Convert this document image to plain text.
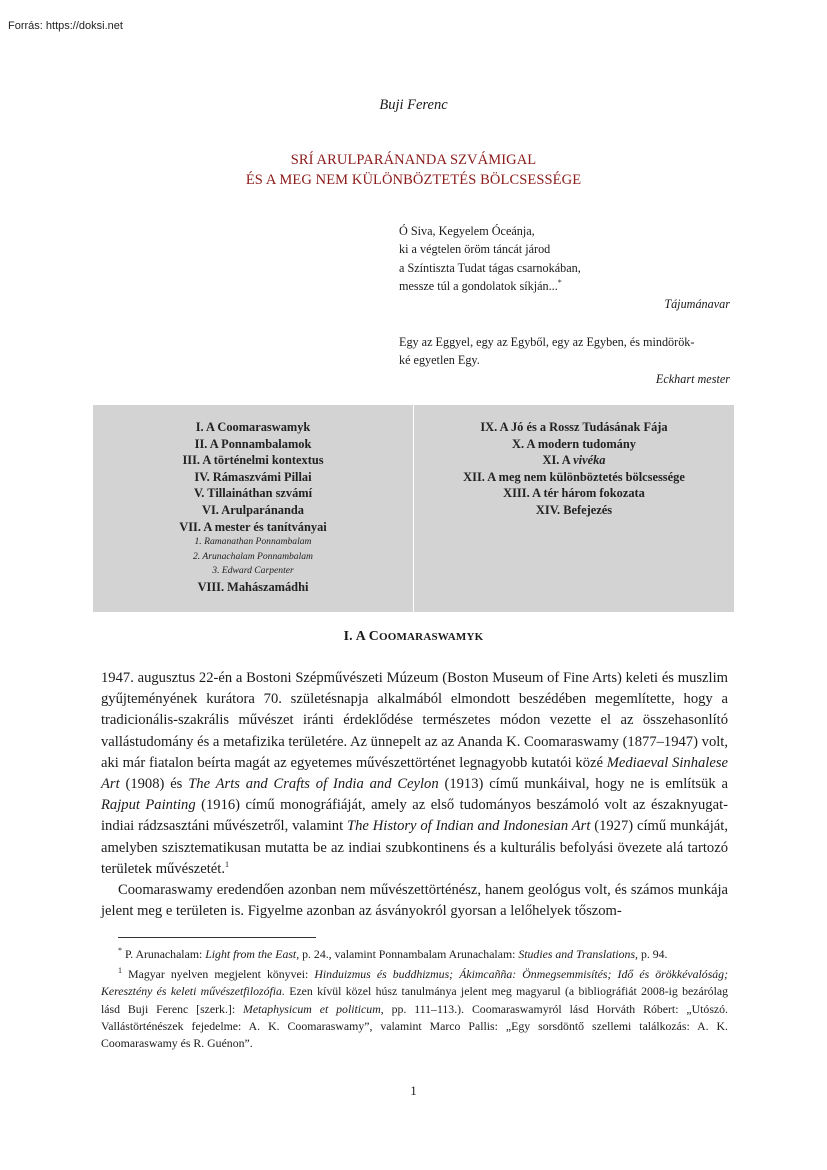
Forrás: https://doksi.net
Buji Ferenc
SRÍ ARULPARÁNANDA SZVÁMIGAL
ÉS A MEG NEM KÜLÖNBÖZTETÉS BÖLCSESSÉGE
Ó Siva, Kegyelem Óceánja,
ki a végtelen öröm táncát járod
a Színtiszta Tudat tágas csarnokában,
messze túl a gondolatok síkján...*
Tájumánavar
Egy az Eggyel, egy az Egyből, egy az Egyben, és mindörök-
ké egyetlen Egy.
Eckhart mester
I. A Coomaraswamyk
II. A Ponnambalamok
III. A történelmi kontextus
IV. Rámaszvámi Pillai
V. Tillaináthan szvámí
VI. Arulparánanda
VII. A mester és tanítványai
1. Ramanathan Ponnambalam
2. Arunachalam Ponnambalam
3. Edward Carpenter
VIII. Mahászamádhi
IX. A Jó és a Rossz Tudásának Fája
X. A modern tudomány
XI. A vivéka
XII. A meg nem különböztetés bölcsessége
XIII. A tér három fokozata
XIV. Befejezés
I. A COOMARASWAMYK

1947. augusztus 22-én a Bostoni Szépművészeti Múzeum (Boston Museum of Fine Arts) keleti és muszlim gyűjteményének kurátora 70. születésnapja alkalmából elmondott beszédében megemlítette, hogy a tradicionális-szakrális művészet iránti érdeklődése természetes módon vezette el az összehasonlító vallástudomány és a metafizika területére. Az ünnepelt az az Ananda K. Coomaraswamy (1877–1947) volt, aki már fiatalon beírta magát az egyetemes művészettörténet legnagyobb kutatói közé Mediaeval Sinhalese Art (1908) és The Arts and Crafts of India and Ceylon (1913) című munkáival, hogy ne is említsük a Rajput Painting (1916) című monográfiáját, amely az első tudományos beszámoló volt az északnyugat-indiai rádzsasztáni művészetről, valamint The History of Indian and Indonesian Art (1927) című munkáját, amelyben szisztematikusan mutatta be az indiai szubkontinens és a kulturális befolyási övezete alá tartozó területek művészetét.$^1$

Coomaraswamy eredendően azonban nem művészettörténész, hanem geológus volt, és számos munkája jelent meg e területen is. Figyelme azonban az ásványokról gyorsan a lelőhelyek tőszom-

* P. Arunachalam: Light from the East, p. 24., valamint Ponnambalam Arunachalam: Studies and Translations, p. 94.

$^1$ Magyar nyelven megjelent könyvei: Hinduizmus és buddhizmus; Ákimcañña: Önmegsemmisítés; Idő és örökkévalóság; Keresztény és keleti művészetfilozófia. Ezen kívül közel húsz tanulmánya jelent meg magyarul (a bibliográfiát 2008-ig bezárólag lásd Buji Ferenc [szerk.]: Metaphysicum et politicum, pp. 111–113.). Coomaraswamyról lásd Horváth Róbert: „Utószó. Vallástörténészek fejedelme: A. K. Coomaraswamy”, valamint Marco Pallis: „Egy sorsdöntő szellemi találkozás: A. K. Coomaraswamy és R. Guénon”.

1
